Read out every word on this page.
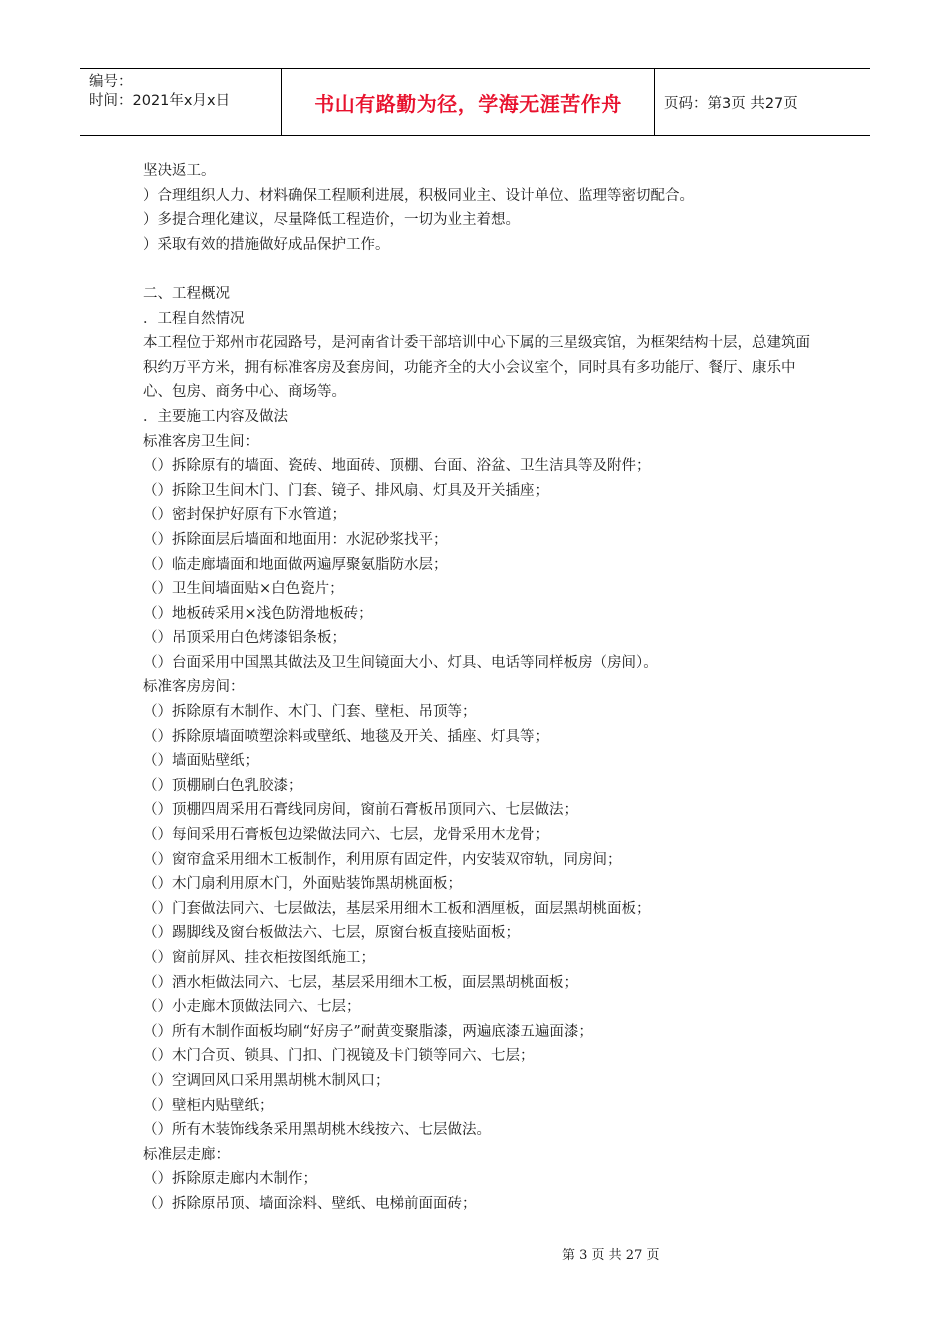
编号：
时间：2021年x月x日	书山有路勤为径，学海无涯苦作舟	页码：第3页 共27页

坚决返工。

）合理组织人力、材料确保工程顺利进展，积极同业主、设计单位、监理等密切配合。

）多提合理化建议，尽量降低工程造价，一切为业主着想。

）采取有效的措施做好成品保护工作。

二、工程概况

．工程自然情况

本工程位于郑州市花园路号，是河南省计委干部培训中心下属的三星级宾馆，为框架结构十层，总建筑面积约万平方米，拥有标准客房及套房间，功能齐全的大小会议室个，同时具有多功能厅、餐厅、康乐中心、包房、商务中心、商场等。

．主要施工内容及做法

标准客房卫生间：

（）拆除原有的墙面、瓷砖、地面砖、顶棚、台面、浴盆、卫生洁具等及附件；

（）拆除卫生间木门、门套、镜子、排风扇、灯具及开关插座；

（）密封保护好原有下水管道；

（）拆除面层后墙面和地面用：水泥砂浆找平；

（）临走廊墙面和地面做两遍厚聚氨脂防水层；

（）卫生间墙面贴×白色瓷片；

（）地板砖采用×浅色防滑地板砖；

（）吊顶采用白色烤漆铝条板；

（）台面采用中国黑其做法及卫生间镜面大小、灯具、电话等同样板房（房间）。

标准客房房间：

（）拆除原有木制作、木门、门套、壁柜、吊顶等；

（）拆除原墙面喷塑涂料或壁纸、地毯及开关、插座、灯具等；

（）墙面贴壁纸；

（）顶棚刷白色乳胶漆；

（）顶棚四周采用石膏线同房间，窗前石膏板吊顶同六、七层做法；

（）每间采用石膏板包边梁做法同六、七层，龙骨采用木龙骨；

（）窗帘盒采用细木工板制作，利用原有固定件，内安装双帘轨，同房间；

（）木门扇利用原木门，外面贴装饰黑胡桃面板；

（）门套做法同六、七层做法，基层采用细木工板和酒厘板，面层黑胡桃面板；

（）踢脚线及窗台板做法六、七层，原窗台板直接贴面板；

（）窗前屏风、挂衣柜按图纸施工；

（）酒水柜做法同六、七层，基层采用细木工板，面层黑胡桃面板；

（）小走廊木顶做法同六、七层；

（）所有木制作面板均刷“好房子”耐黄变聚脂漆，两遍底漆五遍面漆；

（）木门合页、锁具、门扣、门视镜及卡门锁等同六、七层；

（）空调回风口采用黑胡桃木制风口；

（）壁柜内贴壁纸；

（）所有木装饰线条采用黑胡桃木线按六、七层做法。

标准层走廊：

（）拆除原走廊内木制作；

（）拆除原吊顶、墙面涂料、壁纸、电梯前面面砖；

第 3 页 共 27 页
